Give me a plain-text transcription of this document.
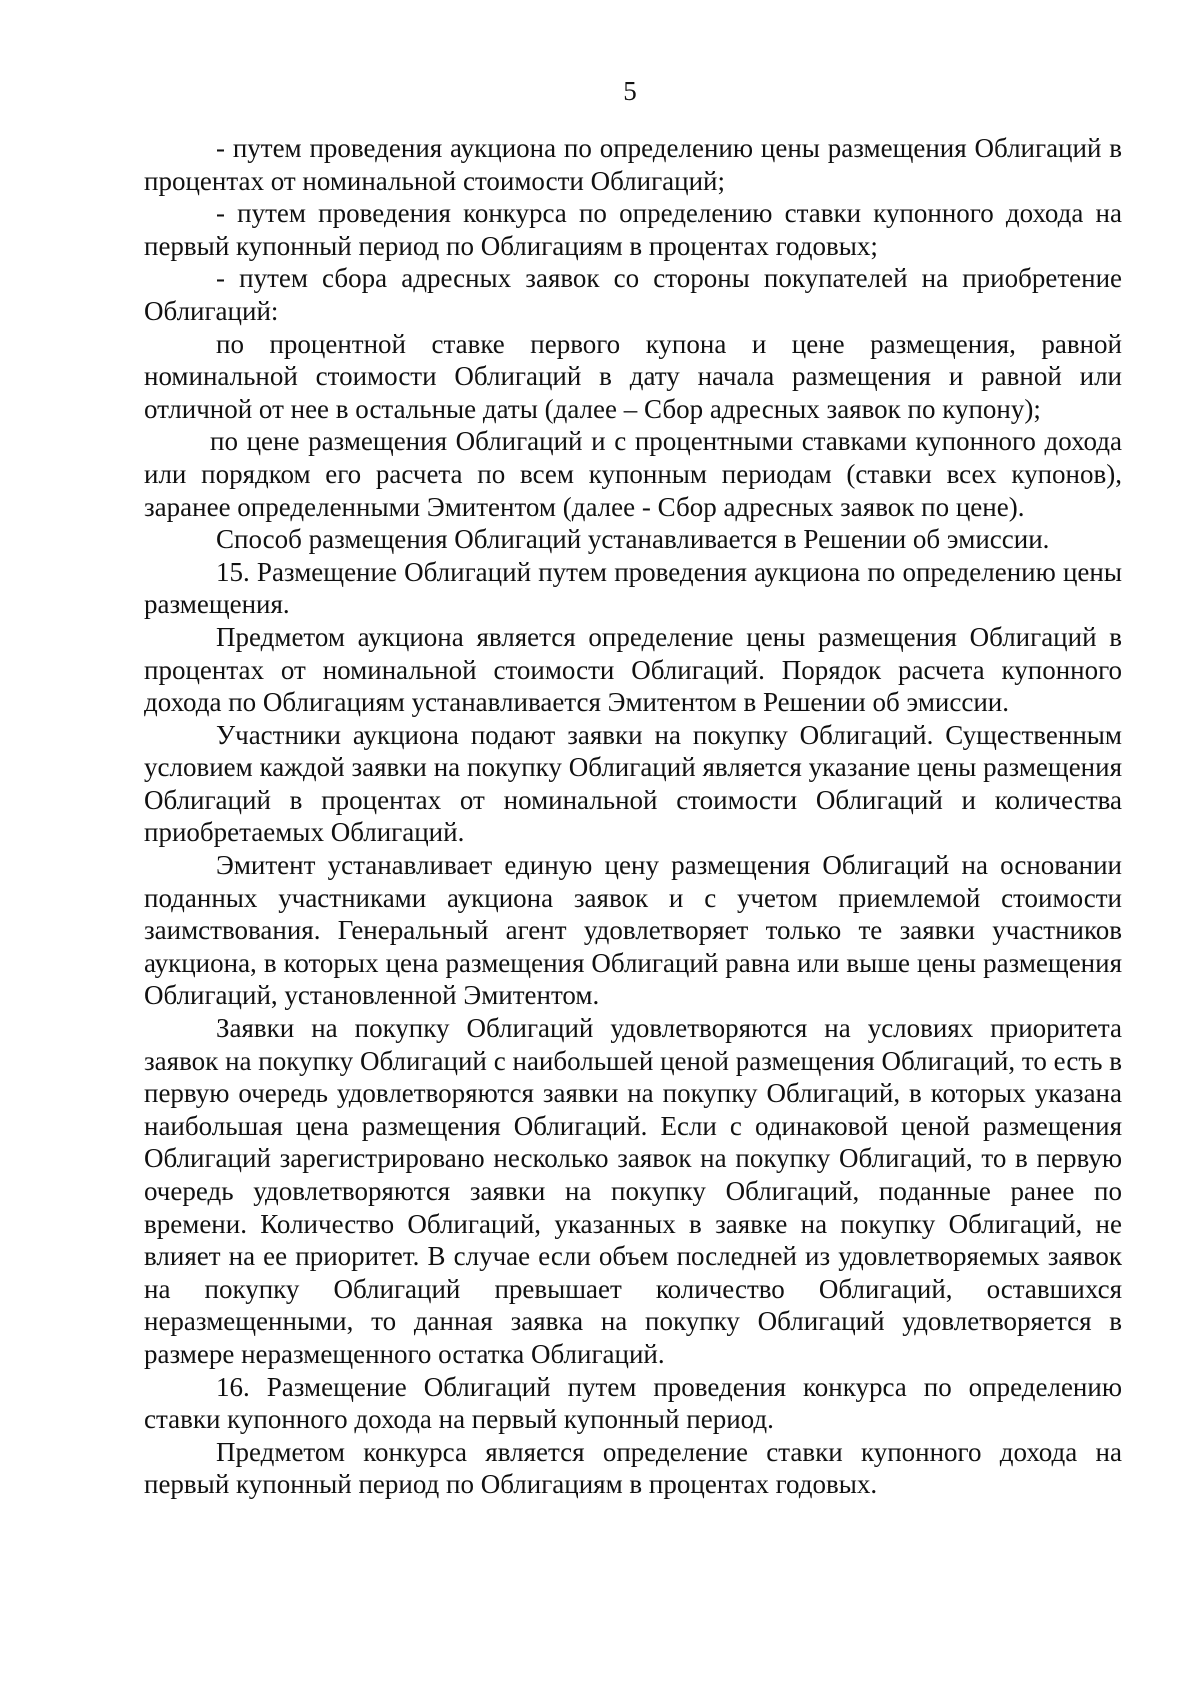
5

- путем проведения аукциона по определению цены размещения Облигаций в процентах от номинальной стоимости Облигаций;

- путем проведения конкурса по определению ставки купонного дохода на первый купонный период по Облигациям в процентах годовых;

- путем сбора адресных заявок со стороны покупателей на приобретение Облигаций:

по процентной ставке первого купона и цене размещения, равной номинальной стоимости Облигаций в дату начала размещения и равной или отличной от нее в остальные даты (далее – Сбор адресных заявок по купону);

по цене размещения Облигаций и с процентными ставками купонного дохода или порядком его расчета по всем купонным периодам (ставки всех купонов), заранее определенными Эмитентом (далее - Сбор адресных заявок по цене).

Способ размещения Облигаций устанавливается в Решении об эмиссии.

15. Размещение Облигаций путем проведения аукциона по определению цены размещения.

Предметом аукциона является определение цены размещения Облигаций в процентах от номинальной стоимости Облигаций. Порядок расчета купонного дохода по Облигациям устанавливается Эмитентом в Решении об эмиссии.

Участники аукциона подают заявки на покупку Облигаций. Существенным условием каждой заявки на покупку Облигаций является указание цены размещения Облигаций в процентах от номинальной стоимости Облигаций и количества приобретаемых Облигаций.

Эмитент устанавливает единую цену размещения Облигаций на основании поданных участниками аукциона заявок и с учетом приемлемой стоимости заимствования. Генеральный агент удовлетворяет только те заявки участников аукциона, в которых цена размещения Облигаций равна или выше цены размещения Облигаций, установленной Эмитентом.

Заявки на покупку Облигаций удовлетворяются на условиях приоритета заявок на покупку Облигаций с наибольшей ценой размещения Облигаций, то есть в первую очередь удовлетворяются заявки на покупку Облигаций, в которых указана наибольшая цена размещения Облигаций. Если с одинаковой ценой размещения Облигаций зарегистрировано несколько заявок на покупку Облигаций, то в первую очередь удовлетворяются заявки на покупку Облигаций, поданные ранее по времени. Количество Облигаций, указанных в заявке на покупку Облигаций, не влияет на ее приоритет. В случае если объем последней из удовлетворяемых заявок на покупку Облигаций превышает количество Облигаций, оставшихся неразмещенными, то данная заявка на покупку Облигаций удовлетворяется в размере неразмещенного остатка Облигаций.

16. Размещение Облигаций путем проведения конкурса по определению ставки купонного дохода на первый купонный период.

Предметом конкурса является определение ставки купонного дохода на первый купонный период по Облигациям в процентах годовых.
